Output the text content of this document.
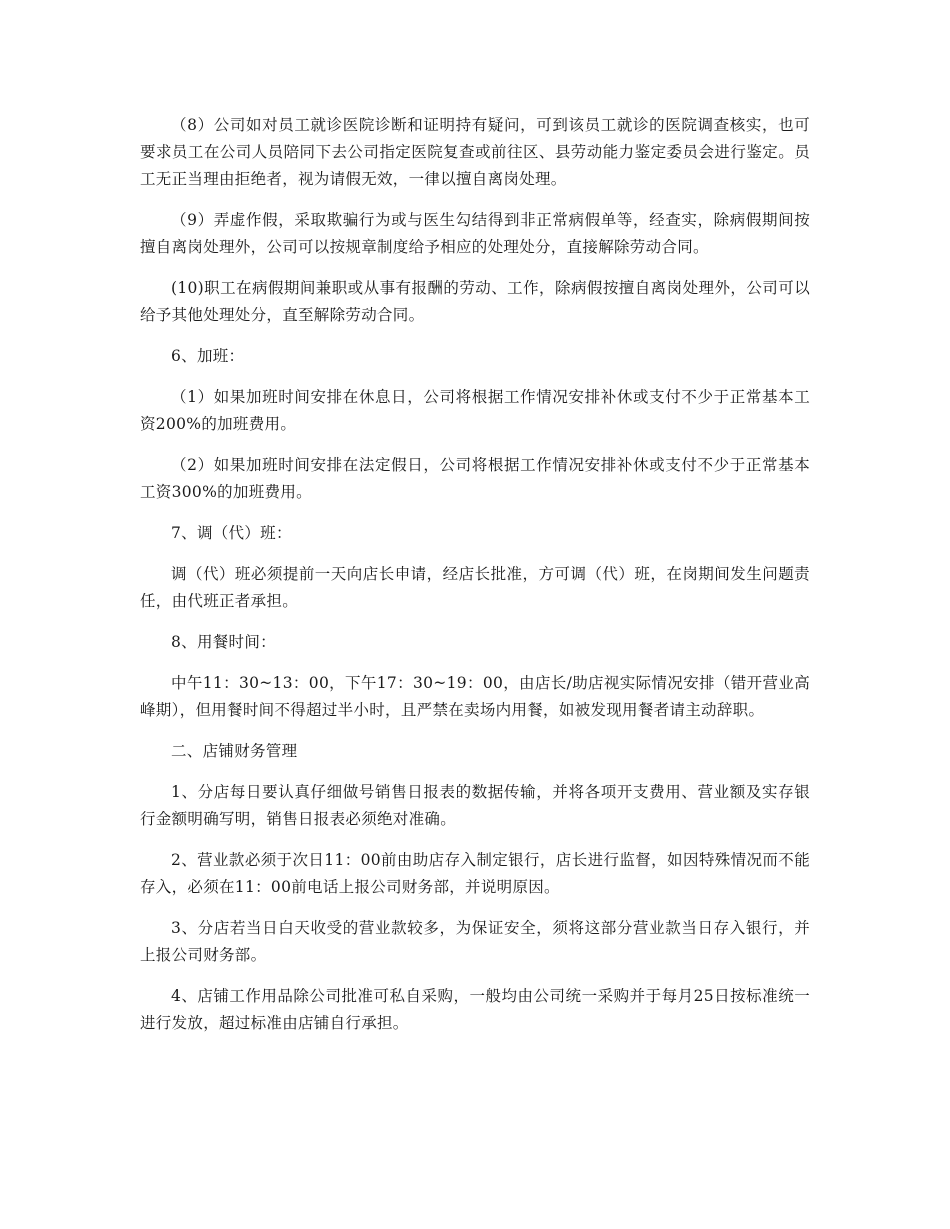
（8）公司如对员工就诊医院诊断和证明持有疑问，可到该员工就诊的医院调查核实，也可要求员工在公司人员陪同下去公司指定医院复查或前往区、县劳动能力鉴定委员会进行鉴定。员工无正当理由拒绝者，视为请假无效，一律以擅自离岗处理。

（9）弄虚作假，采取欺骗行为或与医生勾结得到非正常病假单等，经查实，除病假期间按擅自离岗处理外，公司可以按规章制度给予相应的处理处分，直接解除劳动合同。

(10)职工在病假期间兼职或从事有报酬的劳动、工作，除病假按擅自离岗处理外，公司可以给予其他处理处分，直至解除劳动合同。

6、加班：

（1）如果加班时间安排在休息日，公司将根据工作情况安排补休或支付不少于正常基本工资200%的加班费用。

（2）如果加班时间安排在法定假日，公司将根据工作情况安排补休或支付不少于正常基本工资300%的加班费用。

7、调（代）班：

调（代）班必须提前一天向店长申请，经店长批准，方可调（代）班，在岗期间发生问题责任，由代班正者承担。

8、用餐时间：

中午11：30~13：00，下午17：30~19：00，由店长/助店视实际情况安排（错开营业高峰期），但用餐时间不得超过半小时，且严禁在卖场内用餐，如被发现用餐者请主动辞职。

二、店铺财务管理

1、分店每日要认真仔细做号销售日报表的数据传输，并将各项开支费用、营业额及实存银行金额明确写明，销售日报表必须绝对准确。

2、营业款必须于次日11：00前由助店存入制定银行，店长进行监督，如因特殊情况而不能存入，必须在11：00前电话上报公司财务部，并说明原因。

3、分店若当日白天收受的营业款较多，为保证安全，须将这部分营业款当日存入银行，并上报公司财务部。

4、店铺工作用品除公司批准可私自采购，一般均由公司统一采购并于每月25日按标准统一进行发放，超过标准由店铺自行承担。
